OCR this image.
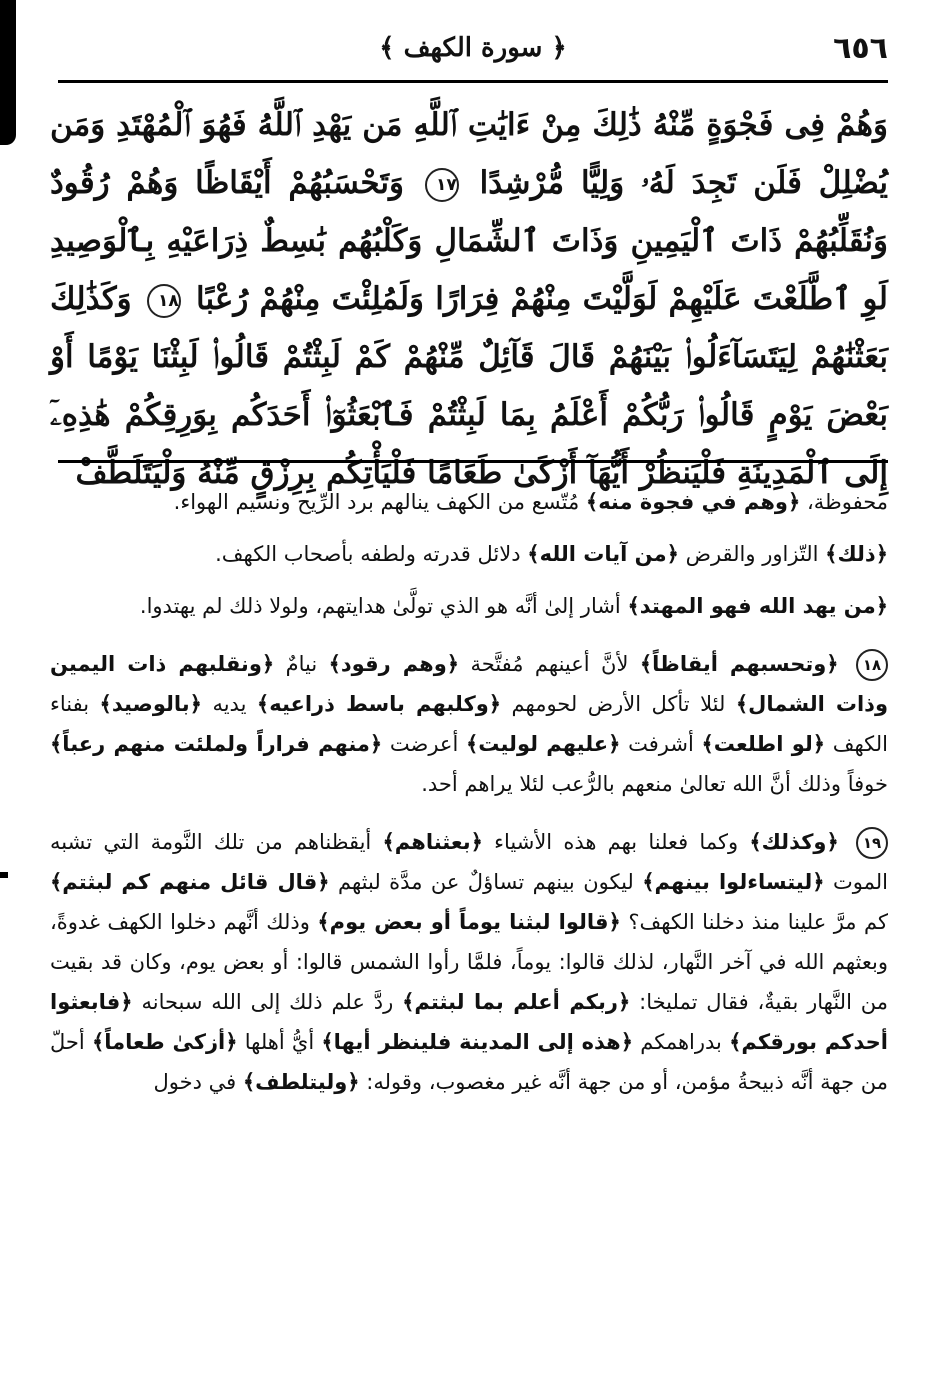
٦٥٦
﴿ سورة الكهف ﴾
وَهُمْ فِى فَجْوَةٍ مِّنْهُ ذَٰلِكَ مِنْ ءَايَٰتِ ٱللَّهِ مَن يَهْدِ ٱللَّهُ فَهُوَ ٱلْمُهْتَدِ وَمَن يُضْلِلْ فَلَن تَجِدَ لَهُۥ وَلِيًّا مُّرْشِدًا ١٧ وَتَحْسَبُهُمْ أَيْقَاظًا وَهُمْ رُقُودٌ وَنُقَلِّبُهُمْ ذَاتَ ٱلْيَمِينِ وَذَاتَ ٱلشِّمَالِ وَكَلْبُهُم بَٰسِطٌ ذِرَاعَيْهِ بِٱلْوَصِيدِ لَوِ ٱطَّلَعْتَ عَلَيْهِمْ لَوَلَّيْتَ مِنْهُمْ فِرَارًا وَلَمُلِئْتَ مِنْهُمْ رُعْبًا ١٨ وَكَذَٰلِكَ بَعَثْنَٰهُمْ لِيَتَسَآءَلُوا۟ بَيْنَهُمْ قَالَ قَآئِلٌ مِّنْهُمْ كَمْ لَبِثْتُمْ قَالُوا۟ لَبِثْنَا يَوْمًا أَوْ بَعْضَ يَوْمٍ قَالُوا۟ رَبُّكُمْ أَعْلَمُ بِمَا لَبِثْتُمْ فَٱبْعَثُوٓا۟ أَحَدَكُم بِوَرِقِكُمْ هَٰذِهِۦٓ إِلَى ٱلْمَدِينَةِ فَلْيَنظُرْ أَيُّهَآ أَزْكَىٰ طَعَامًا فَلْيَأْتِكُم بِرِزْقٍ مِّنْهُ وَلْيَتَلَطَّفْ

محفوظة، ﴿وهم في فجوة منه﴾ مُتّسع من الكهف ينالهم برد الرِّيح ونسيم الهواء.

﴿ذلك﴾ التّزاور والقرض ﴿من آيات الله﴾ دلائل قدرته ولطفه بأصحاب الكهف.

﴿من يهد الله فهو المهتد﴾ أشار إلىٰ أنَّه هو الذي تولَّىٰ هدايتهم، ولولا ذلك لم يهتدوا.

١٨ ﴿وتحسبهم أيقاظاً﴾ لأنَّ أعينهم مُفتَّحة ﴿وهم رقود﴾ نيامٌ ﴿ونقلبهم ذات اليمين وذات الشمال﴾ لئلا تأكل الأرض لحومهم ﴿وكلبهم باسط ذراعيه﴾ يديه ﴿بالوصيد﴾ بفناء الكهف ﴿لو اطلعت﴾ أشرفت ﴿عليهم لوليت﴾ أعرضت ﴿منهم فراراً ولملئت منهم رعباً﴾ خوفاً وذلك أنَّ الله تعالىٰ منعهم بالرُّعب لئلا يراهم أحد.

١٩ ﴿وكذلك﴾ وكما فعلنا بهم هذه الأشياء ﴿بعثناهم﴾ أيقظناهم من تلك النَّومة التي تشبه الموت ﴿ليتساءلوا بينهم﴾ ليكون بينهم تساؤلٌ عن مدَّة لبثهم ﴿قال قائل منهم كم لبثتم﴾ كم مرَّ علينا منذ دخلنا الكهف؟ ﴿قالوا لبثنا يوماً أو بعض يوم﴾ وذلك أنَّهم دخلوا الكهف غدوةً، وبعثهم الله في آخر النَّهار، لذلك قالوا: يوماً، فلمَّا رأوا الشمس قالوا: أو بعض يوم، وكان قد بقيت من النَّهار بقيةٌ، فقال تمليخا: ﴿ربكم أعلم بما لبثتم﴾ ردَّ علم ذلك إلى الله سبحانه ﴿فابعثوا أحدكم بورقكم﴾ بدراهمكم ﴿هذه إلى المدينة فلينظر أيها﴾ أيُّ أهلها ﴿أزكىٰ طعاماً﴾ أحلّ من جهة أنَّه ذبيحةُ مؤمن، أو من جهة أنَّه غير مغصوب، وقوله: ﴿وليتلطف﴾ في دخول
